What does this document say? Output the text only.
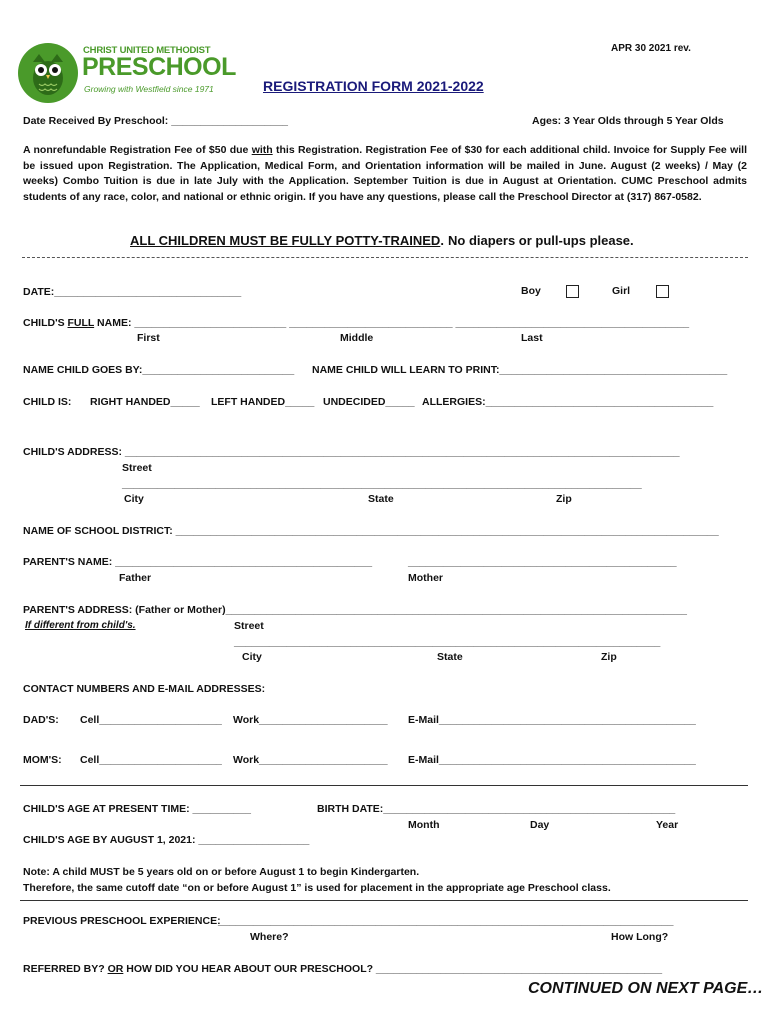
CHRIST UNITED METHODIST
PRESCHOOL
Growing with Westfield since 1971
APR 30 2021 rev.
REGISTRATION FORM 2021-2022
Date Received By Preschool: ____________________	Ages: 3 Year Olds through 5 Year Olds
A nonrefundable Registration Fee of $50 due with this Registration. Registration Fee of $30 for each additional child. Invoice for Supply Fee will be issued upon Registration. The Application, Medical Form, and Orientation information will be mailed in June. August (2 weeks) / May (2 weeks) Combo Tuition is due in late July with the Application. September Tuition is due in August at Orientation. CUMC Preschool admits students of any race, color, and national or ethnic origin. If you have any questions, please call the Preschool Director at (317) 867-0582.
ALL CHILDREN MUST BE FULLY POTTY-TRAINED. No diapers or pull-ups please.
DATE:________________________________	Boy	Girl
CHILD'S FULL NAME: __________________________ ____________________________ ________________________________________
First	Middle	Last
NAME CHILD GOES BY:__________________________ NAME CHILD WILL LEARN TO PRINT:_______________________________________
CHILD IS: RIGHT HANDED_____ LEFT HANDED_____ UNDECIDED_____ ALLERGIES:_______________________________________
CHILD'S ADDRESS: _______________________________________________________________________________________________
Street
_________________________________________________________________________________________
City	State	Zip
NAME OF SCHOOL DISTRICT: _____________________________________________________________________________________________
PARENT'S NAME: ____________________________________________	______________________________________________
Father	Mother
PARENT'S ADDRESS: (Father or Mother)_______________________________________________________________________________
If different from child's.	Street
_________________________________________________________________________
City	State	Zip
CONTACT NUMBERS AND E-MAIL ADDRESSES:
DAD'S: Cell_____________________ Work______________________ E-Mail____________________________________________
MOM'S: Cell_____________________ Work______________________ E-Mail____________________________________________
CHILD'S AGE AT PRESENT TIME: __________	BIRTH DATE:__________________________________________________
Month	Day	Year
CHILD'S AGE BY AUGUST 1, 2021: ___________________
Note: A child MUST be 5 years old on or before August 1 to begin Kindergarten.
Therefore, the same cutoff date “on or before August 1” is used for placement in the appropriate age Preschool class.
PREVIOUS PRESCHOOL EXPERIENCE:
______________________________________________________________________________
Where?	How Long?
REFERRED BY? OR HOW DID YOU HEAR ABOUT OUR PRESCHOOL? _________________________________________________
CONTINUED ON NEXT PAGE…
